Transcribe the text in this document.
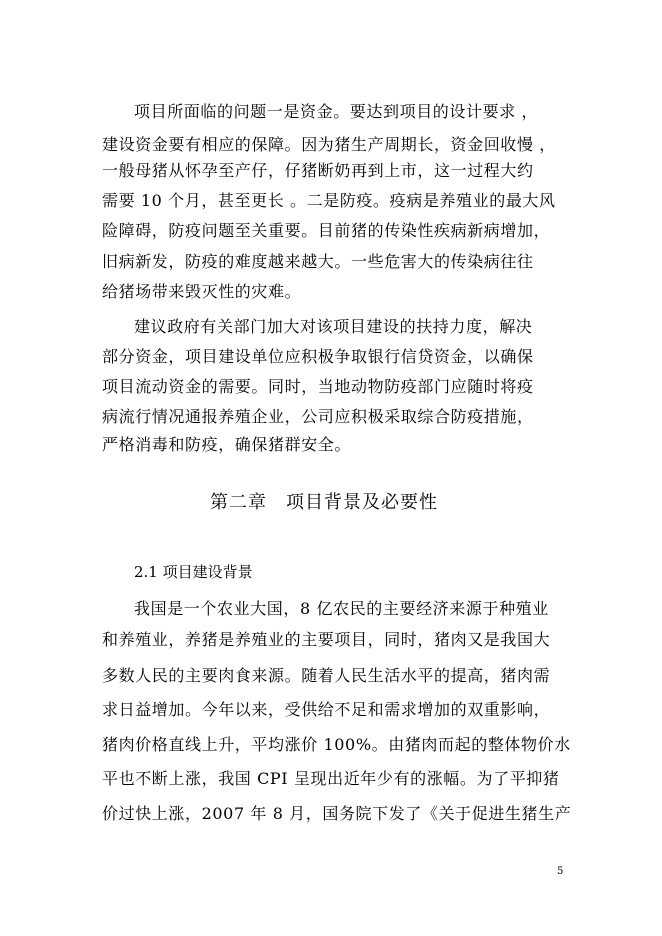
项目所面临的问题一是资金。要达到项目的设计要求 ，
建设资金要有相应的保障。因为猪生产周期长，资金回收慢 ，
一般母猪从怀孕至产仔，仔猪断奶再到上市，这一过程大约
需要 10 个月，甚至更长 。二是防疫。疫病是养殖业的最大风
险障碍，防疫问题至关重要。目前猪的传染性疾病新病增加，
旧病新发，防疫的难度越来越大。一些危害大的传染病往往
给猪场带来毁灭性的灾难。
建议政府有关部门加大对该项目建设的扶持力度，解决
部分资金，项目建设单位应积极争取银行信贷资金，以确保
项目流动资金的需要。同时，当地动物防疫部门应随时将疫
病流行情况通报养殖企业，公司应积极采取综合防疫措施，
严格消毒和防疫，确保猪群安全。
第二章　项目背景及必要性
2.1 项目建设背景
我国是一个农业大国，8 亿农民的主要经济来源于种殖业
和养殖业，养猪是养殖业的主要项目，同时，猪肉又是我国大
多数人民的主要肉食来源。随着人民生活水平的提高，猪肉需
求日益增加。今年以来，受供给不足和需求增加的双重影响，
猪肉价格直线上升，平均涨价 100%。由猪肉而起的整体物价水
平也不断上涨，我国 CPI 呈现出近年少有的涨幅。为了平抑猪
价过快上涨，2007 年 8 月，国务院下发了《关于促进生猪生产
5
